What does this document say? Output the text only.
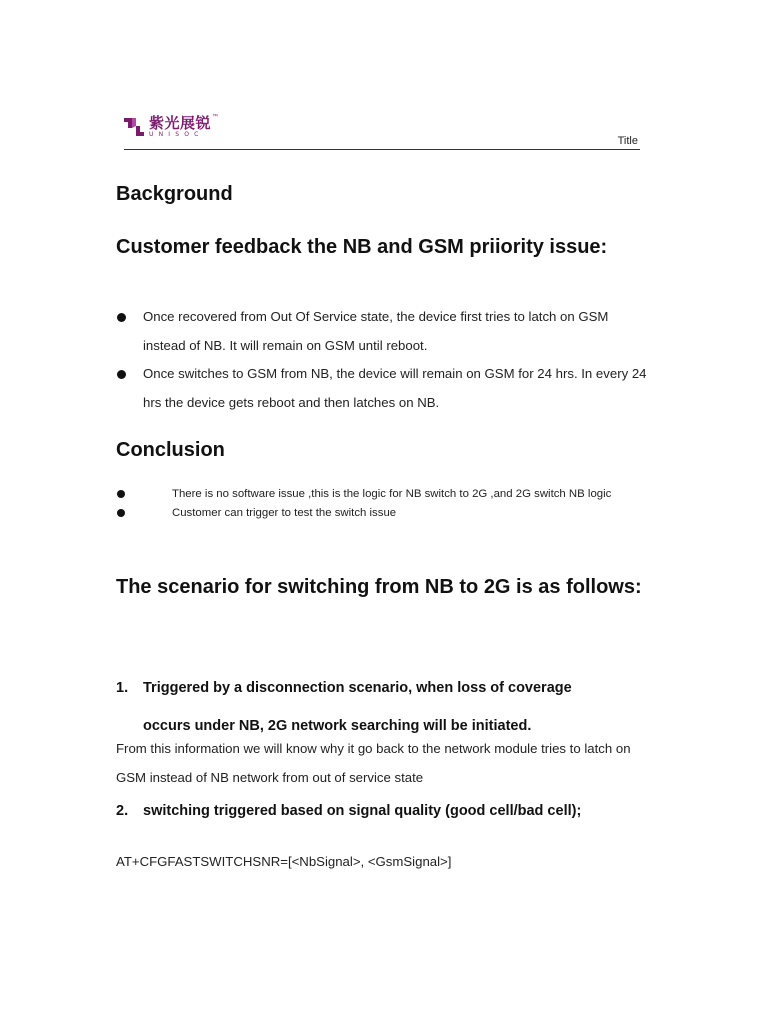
紫光展锐
UNISOC
™
Title
Background
Customer feedback the NB and GSM priiority issue:
Once recovered from Out Of Service state, the device first tries to latch on GSM instead of NB. It will remain on GSM until reboot.
Once switches to GSM from NB, the device will remain on GSM for 24 hrs. In every 24 hrs the device gets reboot and then latches on NB.
Conclusion
There is no software issue ,this is the logic for NB switch to 2G ,and 2G switch NB logic
Customer can trigger to test the switch issue
The scenario for switching from NB to 2G is as follows:
1. Triggered by a disconnection scenario, when loss of coverage occurs under NB, 2G network searching will be initiated.
From this information we will know why it go back to the network module tries to latch on GSM instead of NB network from out of service state
2. switching triggered based on signal quality (good cell/bad cell);
AT+CFGFASTSWITCHSNR=[<NbSignal>, <GsmSignal>]
